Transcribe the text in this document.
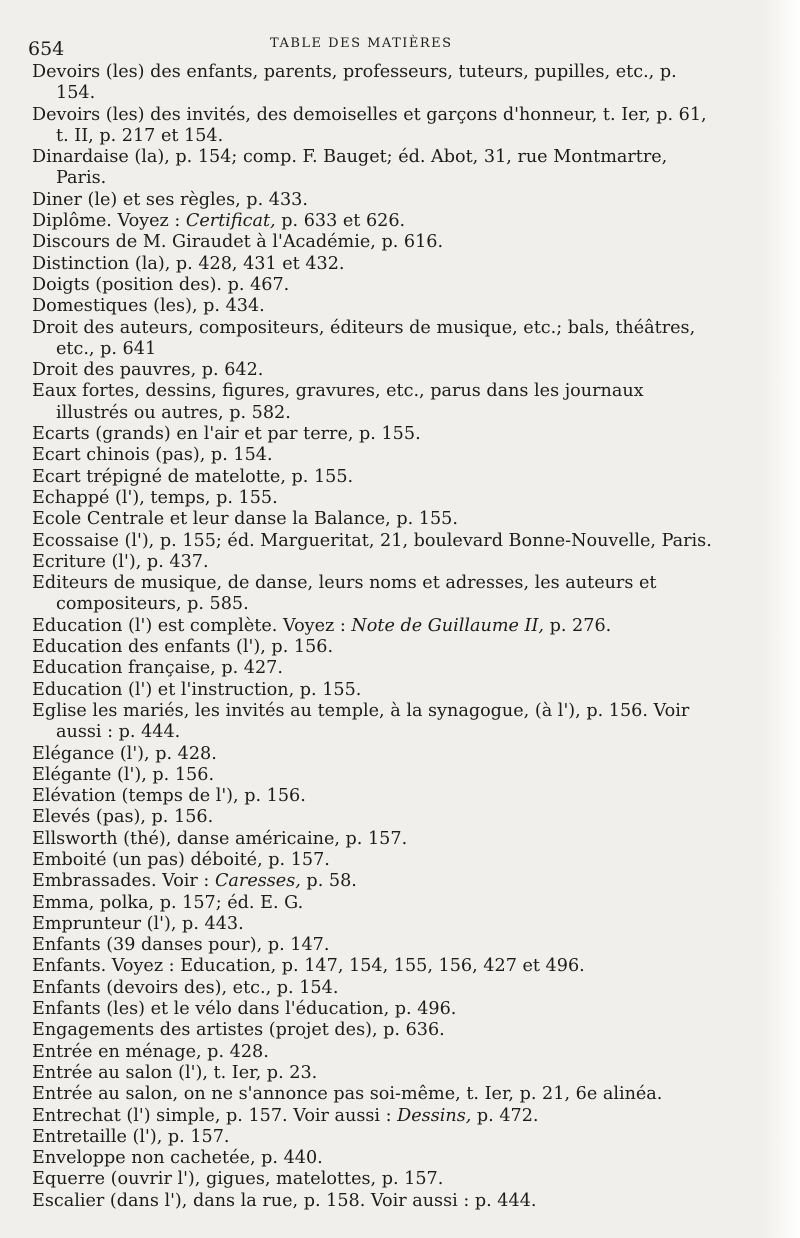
654	TABLE DES MATIÈRES
Devoirs (les) des enfants, parents, professeurs, tuteurs, pupilles, etc., p. 154.
Devoirs (les) des invités, des demoiselles et garçons d'honneur, t. Ier, p. 61, t. II, p. 217 et 154.
Dinardaise (la), p. 154; comp. F. Bauget; éd. Abot, 31, rue Montmartre, Paris.
Diner (le) et ses règles, p. 433.
Diplôme. Voyez : Certificat, p. 633 et 626.
Discours de M. Giraudet à l'Académie, p. 616.
Distinction (la), p. 428, 431 et 432.
Doigts (position des). p. 467.
Domestiques (les), p. 434.
Droit des auteurs, compositeurs, éditeurs de musique, etc.; bals, théâtres, etc., p. 641
Droit des pauvres, p. 642.
Eaux fortes, dessins, figures, gravures, etc., parus dans les journaux illustrés ou autres, p. 582.
Ecarts (grands) en l'air et par terre, p. 155.
Ecart chinois (pas), p. 154.
Ecart trépigné de matelotte, p. 155.
Echappé (l'), temps, p. 155.
Ecole Centrale et leur danse la Balance, p. 155.
Ecossaise (l'), p. 155; éd. Margueritat, 21, boulevard Bonne-Nouvelle, Paris.
Ecriture (l'), p. 437.
Editeurs de musique, de danse, leurs noms et adresses, les auteurs et compositeurs, p. 585.
Education (l') est complète. Voyez : Note de Guillaume II, p. 276.
Education des enfants (l'), p. 156.
Education française, p. 427.
Education (l') et l'instruction, p. 155.
Eglise les mariés, les invités au temple, à la synagogue, (à l'), p. 156. Voir aussi : p. 444.
Elégance (l'), p. 428.
Elégante (l'), p. 156.
Elévation (temps de l'), p. 156.
Elevés (pas), p. 156.
Ellsworth (thé), danse américaine, p. 157.
Emboité (un pas) déboité, p. 157.
Embrassades. Voir : Caresses, p. 58.
Emma, polka, p. 157; éd. E. G.
Emprunteur (l'), p. 443.
Enfants (39 danses pour), p. 147.
Enfants. Voyez : Education, p. 147, 154, 155, 156, 427 et 496.
Enfants (devoirs des), etc., p. 154.
Enfants (les) et le vélo dans l'éducation, p. 496.
Engagements des artistes (projet des), p. 636.
Entrée en ménage, p. 428.
Entrée au salon (l'), t. Ier, p. 23.
Entrée au salon, on ne s'annonce pas soi-même, t. Ier, p. 21, 6e alinéa.
Entrechat (l') simple, p. 157. Voir aussi : Dessins, p. 472.
Entretaille (l'), p. 157.
Enveloppe non cachetée, p. 440.
Equerre (ouvrir l'), gigues, matelottes, p. 157.
Escalier (dans l'), dans la rue, p. 158. Voir aussi : p. 444.
